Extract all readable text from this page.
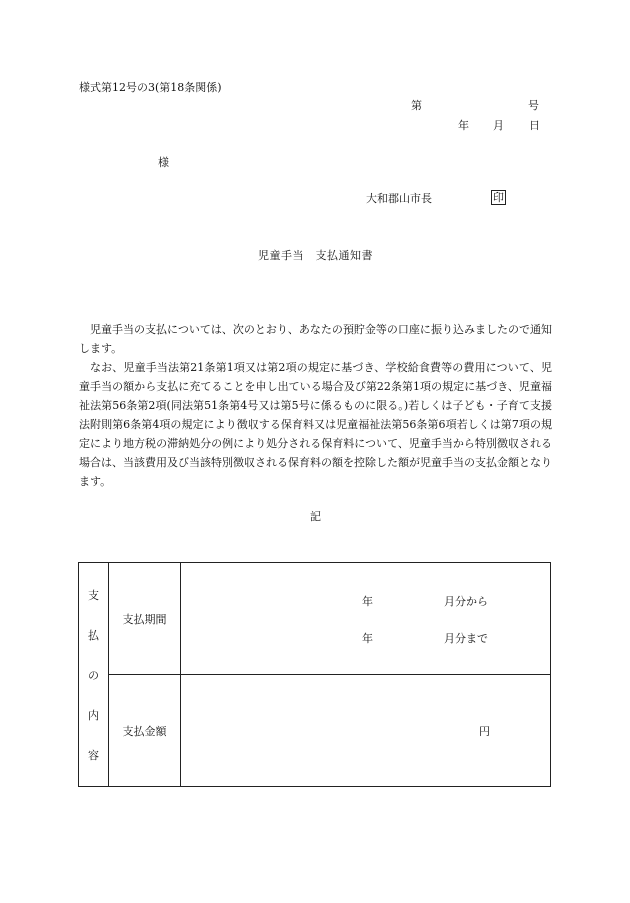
様式第12号の3(第18条関係)
第	号
年 月 日
様
大和郡山市長	印
児童手当　支払通知書

児童手当の支払については、次のとおり、あなたの預貯金等の口座に振り込みましたので通知します。

なお、児童手当法第21条第1項又は第2項の規定に基づき、学校給食費等の費用について、児童手当の額から支払に充てることを申し出ている場合及び第22条第1項の規定に基づき、児童福祉法第56条第2項(同法第51条第4号又は第5号に係るものに限る。)若しくは子ども・子育て支援法附則第6条第4項の規定により徴収する保育料又は児童福祉法第56条第6項若しくは第7項の規定により地方税の滞納処分の例により処分される保育料について、児童手当から特別徴収される場合は、当該費用及び当該特別徴収される保育料の額を控除した額が児童手当の支払金額となります。

記
支
払
の
内
容	支払期間	年 月分から
年 月分まで

	支払金額	円
